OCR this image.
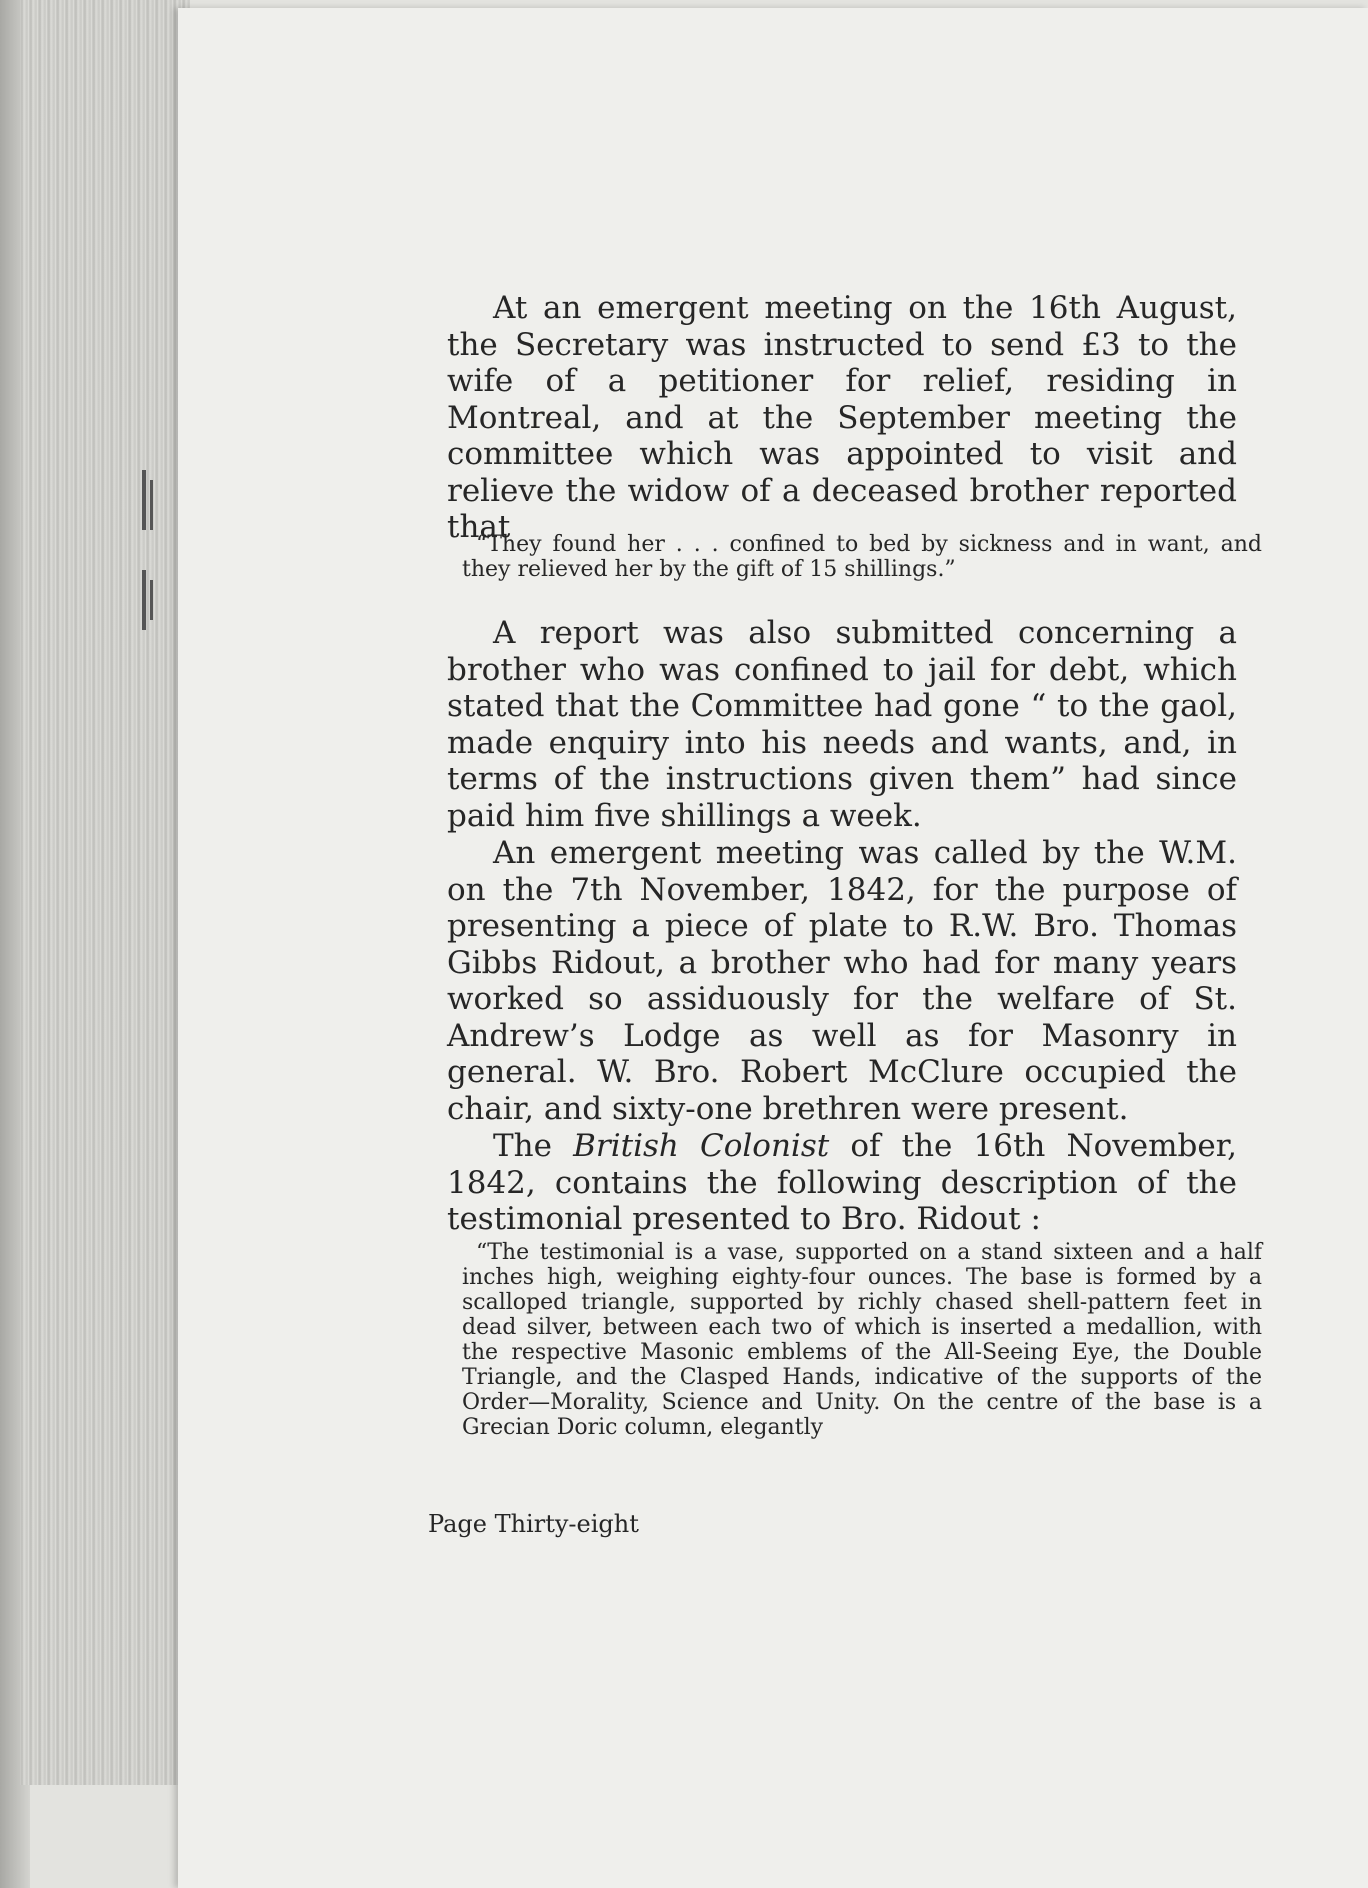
At an emergent meeting on the 16th August, the Secretary was instructed to send £3 to the wife of a petitioner for relief, residing in Montreal, and at the September meeting the committee which was appointed to visit and relieve the widow of a deceased brother reported that

“They found her . . . confined to bed by sickness and in want, and they relieved her by the gift of 15 shillings.”

A report was also submitted concerning a brother who was confined to jail for debt, which stated that the Committee had gone “ to the gaol, made enquiry into his needs and wants, and, in terms of the instructions given them” had since paid him five shillings a week.

An emergent meeting was called by the W.M. on the 7th November, 1842, for the purpose of presenting a piece of plate to R.W. Bro. Thomas Gibbs Ridout, a brother who had for many years worked so assiduously for the welfare of St. Andrew’s Lodge as well as for Masonry in general. W. Bro. Robert McClure occupied the chair, and sixty-one brethren were present.

The British Colonist of the 16th November, 1842, contains the following description of the testimonial presented to Bro. Ridout :

“The testimonial is a vase, supported on a stand sixteen and a half inches high, weighing eighty-four ounces. The base is formed by a scalloped triangle, supported by richly chased shell-pattern feet in dead silver, between each two of which is inserted a medallion, with the respective Masonic emblems of the All-Seeing Eye, the Double Triangle, and the Clasped Hands, indicative of the supports of the Order—Morality, Science and Unity. On the centre of the base is a Grecian Doric column, elegantly

Page Thirty-eight
